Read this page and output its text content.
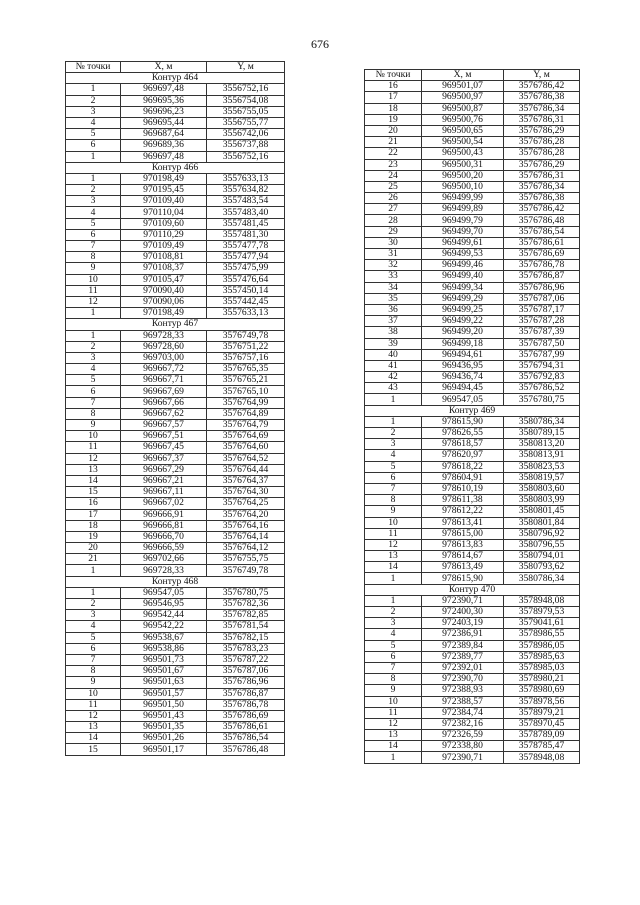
676
№ точки	X, м	Y, м
Контур 464		
1	969697,48	3556752,16
2	969695,36	3556754,08
3	969696,23	3556755,05
4	969695,44	3556755,77
5	969687,64	3556742,06
6	969689,36	3556737,88
1	969697,48	3556752,16
Контур 466		
1	970198,49	3557633,13
2	970195,45	3557634,82
3	970109,40	3557483,54
4	970110,04	3557483,40
5	970109,60	3557481,45
6	970110,29	3557481,30
7	970109,49	3557477,78
8	970108,81	3557477,94
9	970108,37	3557475,99
10	970105,47	3557476,64
11	970090,40	3557450,14
12	970090,06	3557442,45
1	970198,49	3557633,13
Контур 467		
1	969728,33	3576749,78
2	969728,60	3576751,22
3	969703,00	3576757,16
4	969667,72	3576765,35
5	969667,71	3576765,21
6	969667,69	3576765,10
7	969667,66	3576764,99
8	969667,62	3576764,89
9	969667,57	3576764,79
10	969667,51	3576764,69
11	969667,45	3576764,60
12	969667,37	3576764,52
13	969667,29	3576764,44
14	969667,21	3576764,37
15	969667,11	3576764,30
16	969667,02	3576764,25
17	969666,91	3576764,20
18	969666,81	3576764,16
19	969666,70	3576764,14
20	969666,59	3576764,12
21	969702,66	3576755,75
1	969728,33	3576749,78
Контур 468		
1	969547,05	3576780,75
2	969546,95	3576782,36
3	969542,44	3576782,85
4	969542,22	3576781,54
5	969538,67	3576782,15
6	969538,86	3576783,23
7	969501,73	3576787,22
8	969501,67	3576787,06
9	969501,63	3576786,96
10	969501,57	3576786,87
11	969501,50	3576786,78
12	969501,43	3576786,69
13	969501,35	3576786,61
14	969501,26	3576786,54
15	969501,17	3576786,48
№ точки	X, м	Y, м
16	969501,07	3576786,42
17	969500,97	3576786,38
18	969500,87	3576786,34
19	969500,76	3576786,31
20	969500,65	3576786,29
21	969500,54	3576786,28
22	969500,43	3576786,28
23	969500,31	3576786,29
24	969500,20	3576786,31
25	969500,10	3576786,34
26	969499,99	3576786,38
27	969499,89	3576786,42
28	969499,79	3576786,48
29	969499,70	3576786,54
30	969499,61	3576786,61
31	969499,53	3576786,69
32	969499,46	3576786,78
33	969499,40	3576786,87
34	969499,34	3576786,96
35	969499,29	3576787,06
36	969499,25	3576787,17
37	969499,22	3576787,28
38	969499,20	3576787,39
39	969499,18	3576787,50
40	969494,61	3576787,99
41	969436,95	3576794,31
42	969436,74	3576792,83
43	969494,45	3576786,52
1	969547,05	3576780,75
Контур 469		
1	978615,90	3580786,34
2	978626,55	3580789,15
3	978618,57	3580813,20
4	978620,97	3580813,91
5	978618,22	3580823,53
6	978604,91	3580819,57
7	978610,19	3580803,60
8	978611,38	3580803,99
9	978612,22	3580801,45
10	978613,41	3580801,84
11	978615,00	3580796,92
12	978613,83	3580796,55
13	978614,67	3580794,01
14	978613,49	3580793,62
1	978615,90	3580786,34
Контур 470		
1	972390,71	3578948,08
2	972400,30	3578979,53
3	972403,19	3579041,61
4	972386,91	3578986,55
5	972389,84	3578986,05
6	972389,77	3578985,63
7	972392,01	3578985,03
8	972390,70	3578980,21
9	972388,93	3578980,69
10	972388,57	3578978,56
11	972384,74	3578979,21
12	972382,16	3578970,45
13	972326,59	3578789,09
14	972338,80	3578785,47
1	972390,71	3578948,08
